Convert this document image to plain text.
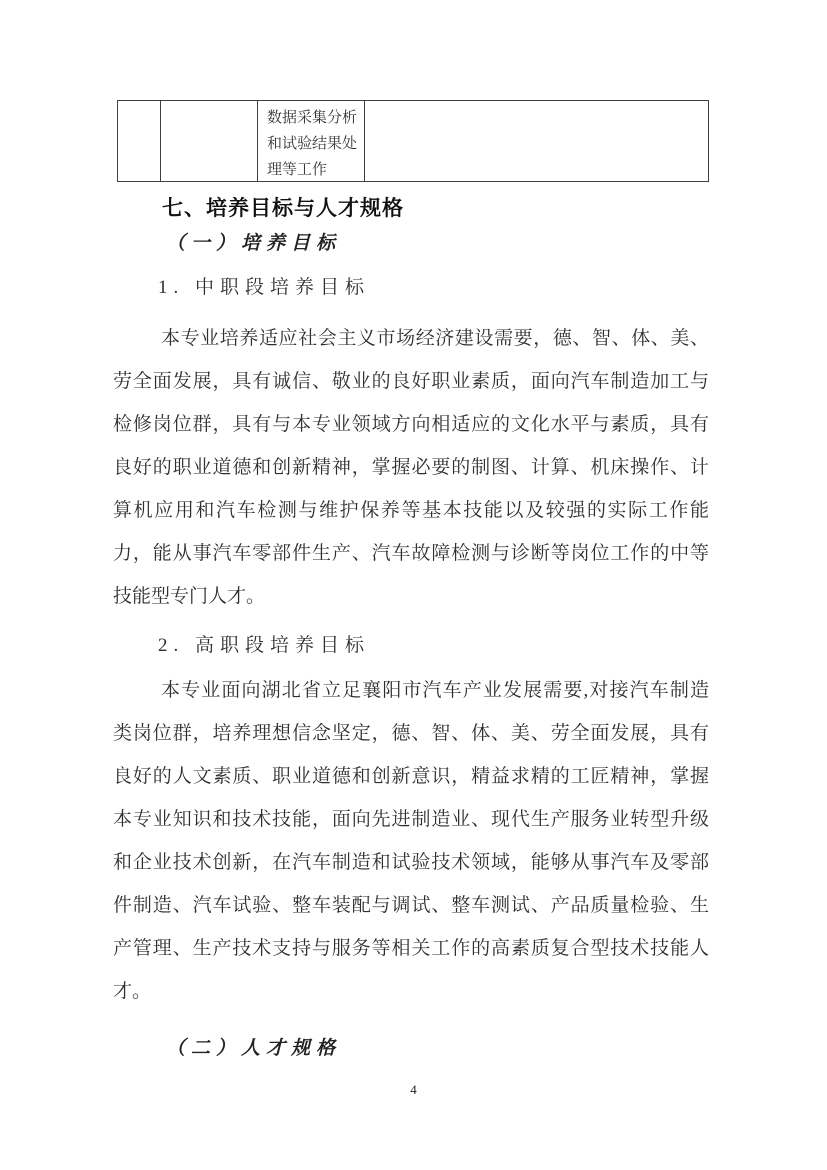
数据采集分析
和试验结果处
理等工作
七、培养目标与人才规格
（一）培养目标
1. 中职段培养目标
本专业培养适应社会主义市场经济建设需要，德、智、体、美、
劳全面发展，具有诚信、敬业的良好职业素质，面向汽车制造加工与
检修岗位群，具有与本专业领域方向相适应的文化水平与素质，具有
良好的职业道德和创新精神，掌握必要的制图、计算、机床操作、计
算机应用和汽车检测与维护保养等基本技能以及较强的实际工作能
力，能从事汽车零部件生产、汽车故障检测与诊断等岗位工作的中等
技能型专门人才。
2. 高职段培养目标
本专业面向湖北省立足襄阳市汽车产业发展需要,对接汽车制造
类岗位群，培养理想信念坚定，德、智、体、美、劳全面发展，具有
良好的人文素质、职业道德和创新意识，精益求精的工匠精神，掌握
本专业知识和技术技能，面向先进制造业、现代生产服务业转型升级
和企业技术创新，在汽车制造和试验技术领域，能够从事汽车及零部
件制造、汽车试验、整车装配与调试、整车测试、产品质量检验、生
产管理、生产技术支持与服务等相关工作的高素质复合型技术技能人
才。
（二）人才规格
4
